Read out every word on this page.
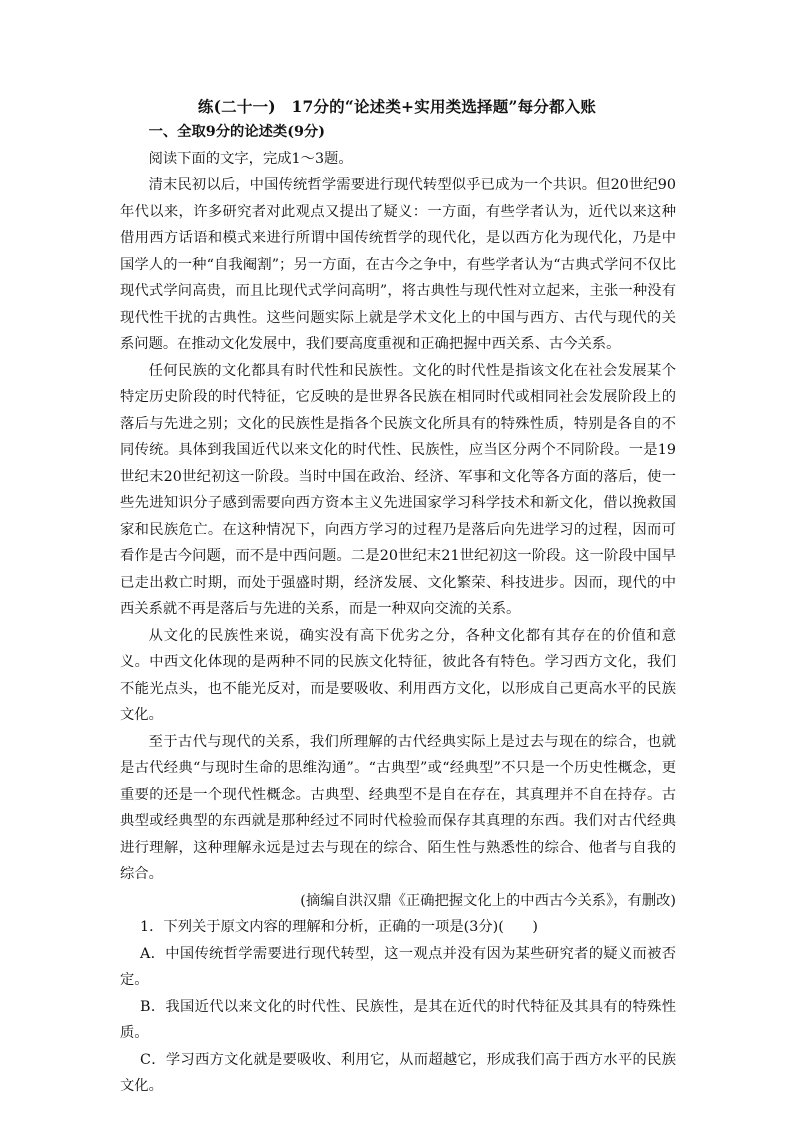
练(二十一)　17分的“论述类+实用类选择题”每分都入账

一、全取9分的论述类(9分)

阅读下面的文字，完成1～3题。

清末民初以后，中国传统哲学需要进行现代转型似乎已成为一个共识。但20世纪90年代以来，许多研究者对此观点又提出了疑义：一方面，有些学者认为，近代以来这种借用西方话语和模式来进行所谓中国传统哲学的现代化，是以西方化为现代化，乃是中国学人的一种“自我阉割”；另一方面，在古今之争中，有些学者认为“古典式学问不仅比现代式学问高贵，而且比现代式学问高明”，将古典性与现代性对立起来，主张一种没有现代性干扰的古典性。这些问题实际上就是学术文化上的中国与西方、古代与现代的关系问题。在推动文化发展中，我们要高度重视和正确把握中西关系、古今关系。

任何民族的文化都具有时代性和民族性。文化的时代性是指该文化在社会发展某个特定历史阶段的时代特征，它反映的是世界各民族在相同时代或相同社会发展阶段上的落后与先进之别；文化的民族性是指各个民族文化所具有的特殊性质，特别是各自的不同传统。具体到我国近代以来文化的时代性、民族性，应当区分两个不同阶段。一是19世纪末20世纪初这一阶段。当时中国在政治、经济、军事和文化等各方面的落后，使一些先进知识分子感到需要向西方资本主义先进国家学习科学技术和新文化，借以挽救国家和民族危亡。在这种情况下，向西方学习的过程乃是落后向先进学习的过程，因而可看作是古今问题，而不是中西问题。二是20世纪末21世纪初这一阶段。这一阶段中国早已走出救亡时期，而处于强盛时期，经济发展、文化繁荣、科技进步。因而，现代的中西关系就不再是落后与先进的关系，而是一种双向交流的关系。

从文化的民族性来说，确实没有高下优劣之分，各种文化都有其存在的价值和意义。中西文化体现的是两种不同的民族文化特征，彼此各有特色。学习西方文化，我们不能光点头，也不能光反对，而是要吸收、利用西方文化，以形成自己更高水平的民族文化。

至于古代与现代的关系，我们所理解的古代经典实际上是过去与现在的综合，也就是古代经典“与现时生命的思维沟通”。“古典型”或“经典型”不只是一个历史性概念，更重要的还是一个现代性概念。古典型、经典型不是自在存在，其真理并不自在持存。古典型或经典型的东西就是那种经过不同时代检验而保存其真理的东西。我们对古代经典进行理解，这种理解永远是过去与现在的综合、陌生性与熟悉性的综合、他者与自我的综合。

(摘编自洪汉鼎《正确把握文化上的中西古今关系》，有删改)

1．下列关于原文内容的理解和分析，正确的一项是(3分)(　　)

A．中国传统哲学需要进行现代转型，这一观点并没有因为某些研究者的疑义而被否定。

B．我国近代以来文化的时代性、民族性，是其在近代的时代特征及其具有的特殊性质。

C．学习西方文化就是要吸收、利用它，从而超越它，形成我们高于西方水平的民族文化。
